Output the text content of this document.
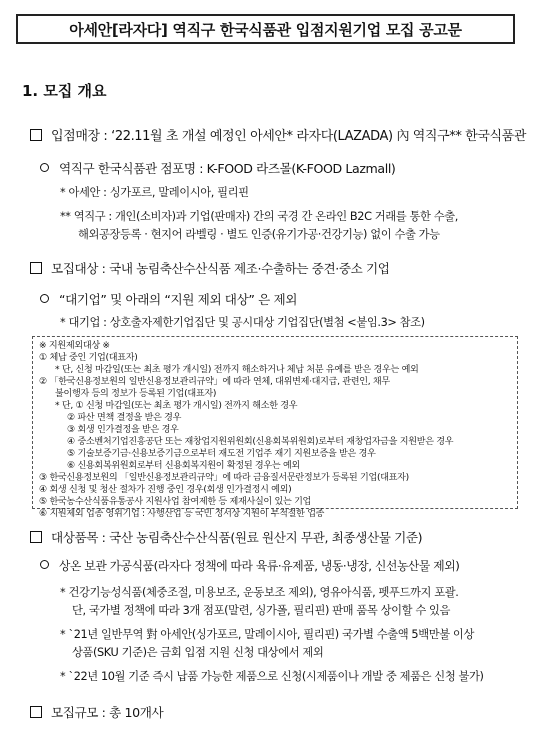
아세안[라자다] 역직구 한국식품관 입점지원기업 모집 공고문
1. 모집 개요
입점매장 : ‘22.11월 초 개설 예정인 아세안* 라자다(LAZADA) 內 역직구** 한국식품관
역직구 한국식품관 점포명 : K-FOOD 라즈몰(K-FOOD Lazmall)
* 아세안 : 싱가포르, 말레이시아, 필리핀
** 역직구 : 개인(소비자)과 기업(판매자) 간의 국경 간 온라인 B2C 거래를 통한 수출,
해외공장등록 · 현지어 라벨링 · 별도 인증(유기가공·건강기능) 없이 수출 가능
모집대상 : 국내 농림축산수산식품 제조·수출하는 중견·중소 기업
“대기업” 및 아래의 “지원 제외 대상” 은 제외
* 대기업 : 상호출자제한기업집단 및 공시대상 기업집단(별첨 <붙임.3> 참조)
※ 지원제외대상 ※
① 체납 중인 기업(대표자)
* 단, 신청 마감일(또는 최초 평가 개시일) 전까지 해소하거나 체납 처분 유예를 받은 경우는 예외
② 「한국신용정보원의 일반신용정보관리규약」에 따라 연체, 대위변제·대지급, 관련인, 채무
불이행자 등의 정보가 등록된 기업(대표자)
* 단, ① 신청 마감일(또는 최초 평가 개시일) 전까지 해소한 경우
② 파산 면책 결정을 받은 경우
③ 회생 인가결정을 받은 경우
④ 중소벤처기업진흥공단 또는 재창업지원위원회(신용회복위원회)로부터 재창업자금을 지원받은 경우
⑤ 기술보증기금·신용보증기금으로부터 재도전 기업주 재기 지원보증을 받은 경우
⑥ 신용회복위원회로부터 신용회복지원이 확정된 경우는 예외
③ 한국신용정보원의 「일반신용정보관리규약」에 따라 금융질서문란정보가 등록된 기업(대표자)
④ 회생 신청 및 청산 절차가 진행 중인 경우(회생 인가결정시 예외)
⑤ 한국농수산식품유통공사 지원사업 참여제한 등 제재사실이 있는 기업
⑥ 지원제외 업종 영위기업 : 사행산업 등 국민 정서상 지원이 부적절한 업종
대상품목 : 국산 농림축산수산식품(원료 원산지 무관, 최종생산물 기준)
상온 보관 가공식품(라자다 정책에 따라 육류·유제품, 냉동·냉장, 신선농산물 제외)
* 건강기능성식품(체중조절, 미용보조, 운동보조 제외), 영유아식품, 펫푸드까지 포괄.
단, 국가별 정책에 따라 3개 점포(말련, 싱가폴, 필리핀) 판매 품목 상이할 수 있음
* `21년 일반무역 對 아세안(싱가포르, 말레이시아, 필리핀) 국가별 수출액 5백만불 이상
상품(SKU 기준)은 금회 입점 지원 신청 대상에서 제외
* `22년 10월 기준 즉시 납품 가능한 제품으로 신청(시제품이나 개발 중 제품은 신청 불가)
모집규모 : 총 10개사
